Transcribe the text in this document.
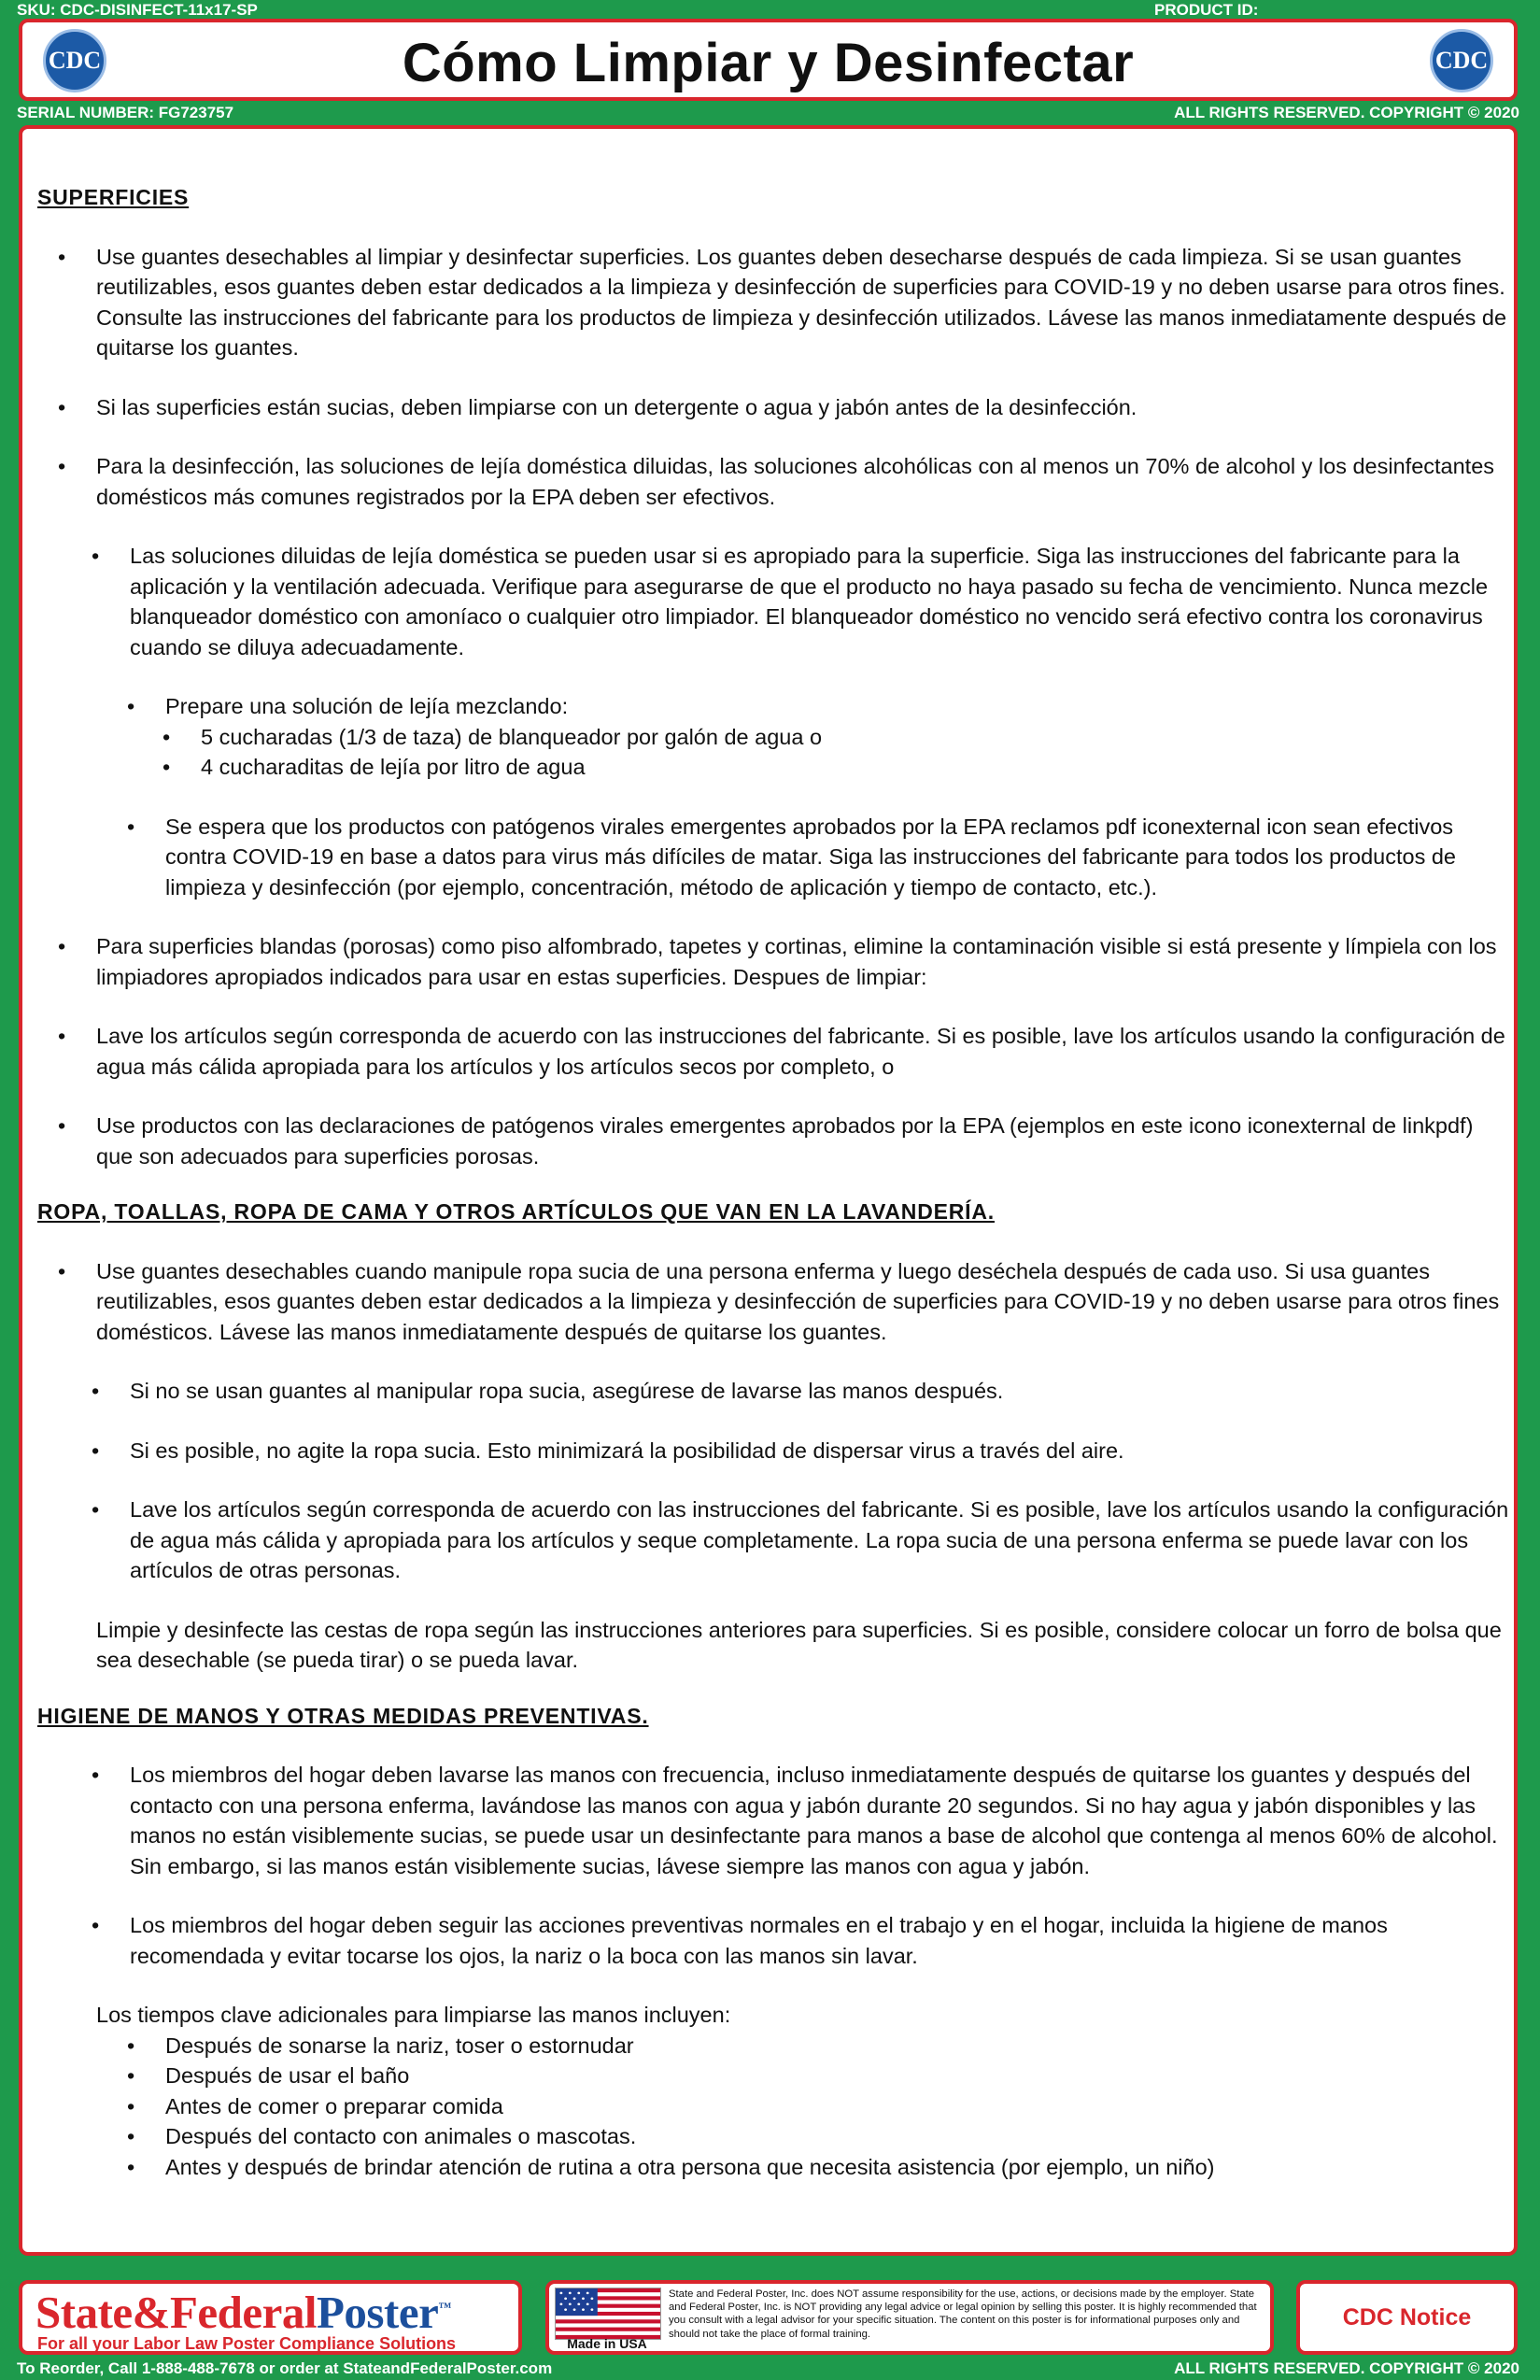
SKU: CDC-DISINFECT-11x17-SP	PRODUCT ID:
CDC	Cómo Limpiar y Desinfectar	CDC
SERIAL NUMBER: FG723757	ALL RIGHTS RESERVED. COPYRIGHT © 2020

SUPERFICIES

• Use guantes desechables al limpiar y desinfectar superficies. Los guantes deben desecharse después de cada limpieza. Si se usan guantes reutilizables, esos guantes deben estar dedicados a la limpieza y desinfección de superficies para COVID-19 y no deben usarse para otros fines. Consulte las instrucciones del fabricante para los productos de limpieza y desinfección utilizados. Lávese las manos inmediatamente después de quitarse los guantes.

• Si las superficies están sucias, deben limpiarse con un detergente o agua y jabón antes de la desinfección.

• Para la desinfección, las soluciones de lejía doméstica diluidas, las soluciones alcohólicas con al menos un 70% de alcohol y los desinfectantes domésticos más comunes registrados por la EPA deben ser efectivos.

• Las soluciones diluidas de lejía doméstica se pueden usar si es apropiado para la superficie. Siga las instrucciones del fabricante para la aplicación y la ventilación adecuada. Verifique para asegurarse de que el producto no haya pasado su fecha de vencimiento. Nunca mezcle blanqueador doméstico con amoníaco o cualquier otro limpiador. El blanqueador doméstico no vencido será efectivo contra los coronavirus cuando se diluya adecuadamente.

• Prepare una solución de lejía mezclando:

• 5 cucharadas (1/3 de taza) de blanqueador por galón de agua o

• 4 cucharaditas de lejía por litro de agua

• Se espera que los productos con patógenos virales emergentes aprobados por la EPA reclamos pdf iconexternal icon sean efectivos contra COVID-19 en base a datos para virus más difíciles de matar. Siga las instrucciones del fabricante para todos los productos de limpieza y desinfección (por ejemplo, concentración, método de aplicación y tiempo de contacto, etc.).

• Para superficies blandas (porosas) como piso alfombrado, tapetes y cortinas, elimine la contaminación visible si está presente y límpiela con los limpiadores apropiados indicados para usar en estas superficies. Despues de limpiar:

• Lave los artículos según corresponda de acuerdo con las instrucciones del fabricante. Si es posible, lave los artículos usando la configuración de agua más cálida apropiada para los artículos y los artículos secos por completo, o

• Use productos con las declaraciones de patógenos virales emergentes aprobados por la EPA (ejemplos en este icono iconexternal de linkpdf) que son adecuados para superficies porosas.

ROPA, TOALLAS, ROPA DE CAMA Y OTROS ARTÍCULOS QUE VAN EN LA LAVANDERÍA.

• Use guantes desechables cuando manipule ropa sucia de una persona enferma y luego deséchela después de cada uso. Si usa guantes reutilizables, esos guantes deben estar dedicados a la limpieza y desinfección de superficies para COVID-19 y no deben usarse para otros fines domésticos. Lávese las manos inmediatamente después de quitarse los guantes.

• Si no se usan guantes al manipular ropa sucia, asegúrese de lavarse las manos después.

• Si es posible, no agite la ropa sucia. Esto minimizará la posibilidad de dispersar virus a través del aire.

• Lave los artículos según corresponda de acuerdo con las instrucciones del fabricante. Si es posible, lave los artículos usando la configuración de agua más cálida y apropiada para los artículos y seque completamente. La ropa sucia de una persona enferma se puede lavar con los artículos de otras personas.

Limpie y desinfecte las cestas de ropa según las instrucciones anteriores para superficies. Si es posible, considere colocar un forro de bolsa que sea desechable (se pueda tirar) o se pueda lavar.

HIGIENE DE MANOS Y OTRAS MEDIDAS PREVENTIVAS.

• Los miembros del hogar deben lavarse las manos con frecuencia, incluso inmediatamente después de quitarse los guantes y después del contacto con una persona enferma, lavándose las manos con agua y jabón durante 20 segundos. Si no hay agua y jabón disponibles y las manos no están visiblemente sucias, se puede usar un desinfectante para manos a base de alcohol que contenga al menos 60% de alcohol. Sin embargo, si las manos están visiblemente sucias, lávese siempre las manos con agua y jabón.

• Los miembros del hogar deben seguir las acciones preventivas normales en el trabajo y en el hogar, incluida la higiene de manos recomendada y evitar tocarse los ojos, la nariz o la boca con las manos sin lavar.

Los tiempos clave adicionales para limpiarse las manos incluyen:

• Después de sonarse la nariz, toser o estornudar

• Después de usar el baño

• Antes de comer o preparar comida

• Después del contacto con animales o mascotas.

• Antes y después de brindar atención de rutina a otra persona que necesita asistencia (por ejemplo, un niño)

State&FederalPoster™
For all your Labor Law Poster Compliance Solutions	Made in USA
State and Federal Poster, Inc. does NOT assume responsibility for the use, actions, or decisions made by the employer. State and Federal Poster, Inc. is NOT providing any legal advice or legal opinion by selling this poster. It is highly recommended that you consult with a legal advisor for your specific situation. The content on this poster is for informational purposes only and should not take the place of formal training.
CDC Notice
To Reorder, Call 1-888-488-7678 or order at StateandFederalPoster.com	ALL RIGHTS RESERVED. COPYRIGHT © 2020
